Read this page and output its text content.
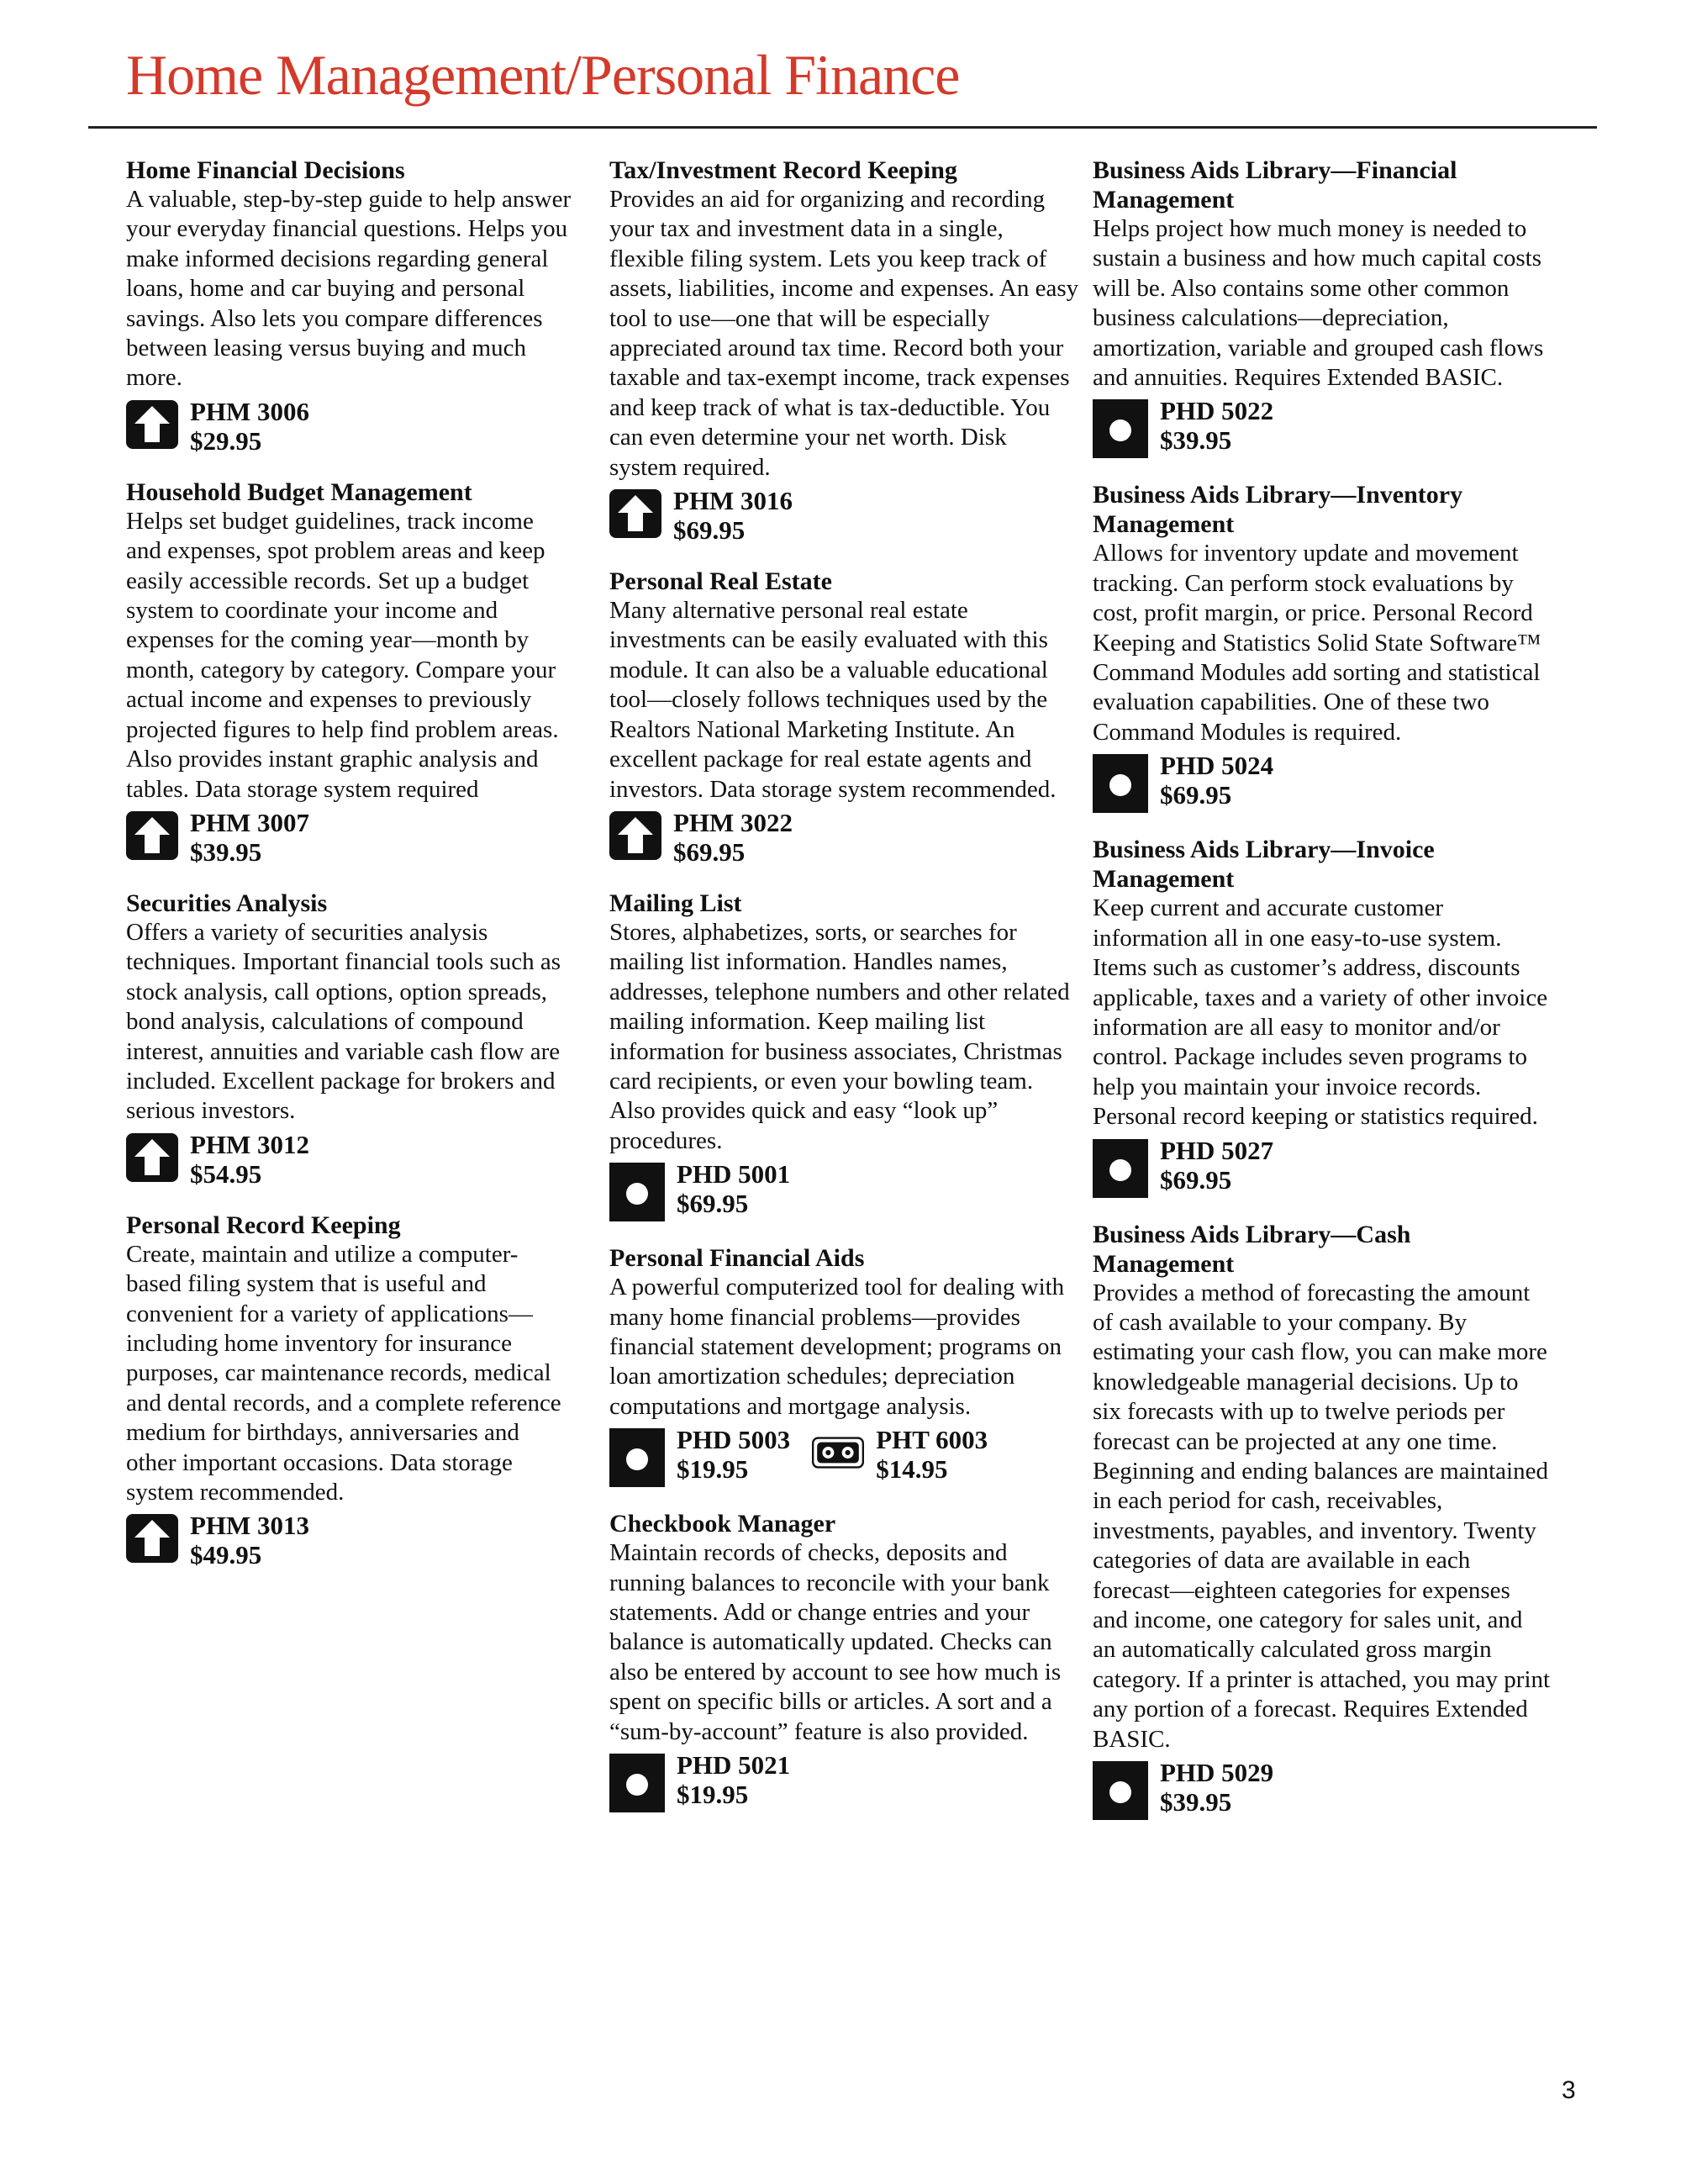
Home Management/Personal Finance
Home Financial Decisions

A valuable, step-by-step guide to help answer your everyday financial questions. Helps you make informed decisions regarding general loans, home and car buying and personal savings. Also lets you compare differences between leasing versus buying and much more.

PHM 3006
$29.95
Household Budget Management

Helps set budget guidelines, track income and expenses, spot problem areas and keep easily accessible records. Set up a budget system to coordinate your income and expenses for the coming year—month by month, category by category. Compare your actual income and expenses to previously projected figures to help find problem areas. Also provides instant graphic analysis and tables. Data storage system required

PHM 3007
$39.95
Securities Analysis

Offers a variety of securities analysis techniques. Important financial tools such as stock analysis, call options, option spreads, bond analysis, calculations of compound interest, annuities and variable cash flow are included. Excellent package for brokers and serious investors.

PHM 3012
$54.95
Personal Record Keeping

Create, maintain and utilize a computer-based filing system that is useful and convenient for a variety of applications—including home inventory for insurance purposes, car maintenance records, medical and dental records, and a complete reference medium for birthdays, anniversaries and other important occasions. Data storage system recommended.

PHM 3013
$49.95
Tax/Investment Record Keeping

Provides an aid for organizing and recording your tax and investment data in a single, flexible filing system. Lets you keep track of assets, liabilities, income and expenses. An easy tool to use—one that will be especially appreciated around tax time. Record both your taxable and tax-exempt income, track expenses and keep track of what is tax-deductible. You can even determine your net worth. Disk system required.

PHM 3016
$69.95
Personal Real Estate

Many alternative personal real estate investments can be easily evaluated with this module. It can also be a valuable educational tool—closely follows techniques used by the Realtors National Marketing Institute. An excellent package for real estate agents and investors. Data storage system recommended.

PHM 3022
$69.95
Mailing List

Stores, alphabetizes, sorts, or searches for mailing list information. Handles names, addresses, telephone numbers and other related mailing information. Keep mailing list information for business associates, Christmas card recipients, or even your bowling team. Also provides quick and easy “look up” procedures.

PHD 5001
$69.95
Personal Financial Aids

A powerful computerized tool for dealing with many home financial problems—provides financial statement development; programs on loan amortization schedules; depreciation computations and mortgage analysis.

PHD 5003
$19.95
PHT 6003
$14.95
Checkbook Manager

Maintain records of checks, deposits and running balances to reconcile with your bank statements. Add or change entries and your balance is automatically updated. Checks can also be entered by account to see how much is spent on specific bills or articles. A sort and a “sum-by-account” feature is also provided.

PHD 5021
$19.95
Business Aids Library—Financial Management

Helps project how much money is needed to sustain a business and how much capital costs will be. Also contains some other common business calculations—depreciation, amortization, variable and grouped cash flows and annuities. Requires Extended BASIC.

PHD 5022
$39.95
Business Aids Library—Inventory Management

Allows for inventory update and movement tracking. Can perform stock evaluations by cost, profit margin, or price. Personal Record Keeping and Statistics Solid State Software™ Command Modules add sorting and statistical evaluation capabilities. One of these two Command Modules is required.

PHD 5024
$69.95
Business Aids Library—Invoice Management

Keep current and accurate customer information all in one easy-to-use system. Items such as customer’s address, discounts applicable, taxes and a variety of other invoice information are all easy to monitor and/or control. Package includes seven programs to help you maintain your invoice records. Personal record keeping or statistics required.

PHD 5027
$69.95
Business Aids Library—Cash Management

Provides a method of forecasting the amount of cash available to your company. By estimating your cash flow, you can make more knowledgeable managerial decisions. Up to six forecasts with up to twelve periods per forecast can be projected at any one time. Beginning and ending balances are maintained in each period for cash, receivables, investments, payables, and inventory. Twenty categories of data are available in each forecast—eighteen categories for expenses and income, one category for sales unit, and an automatically calculated gross margin category. If a printer is attached, you may print any portion of a forecast. Requires Extended BASIC.

PHD 5029
$39.95
3
